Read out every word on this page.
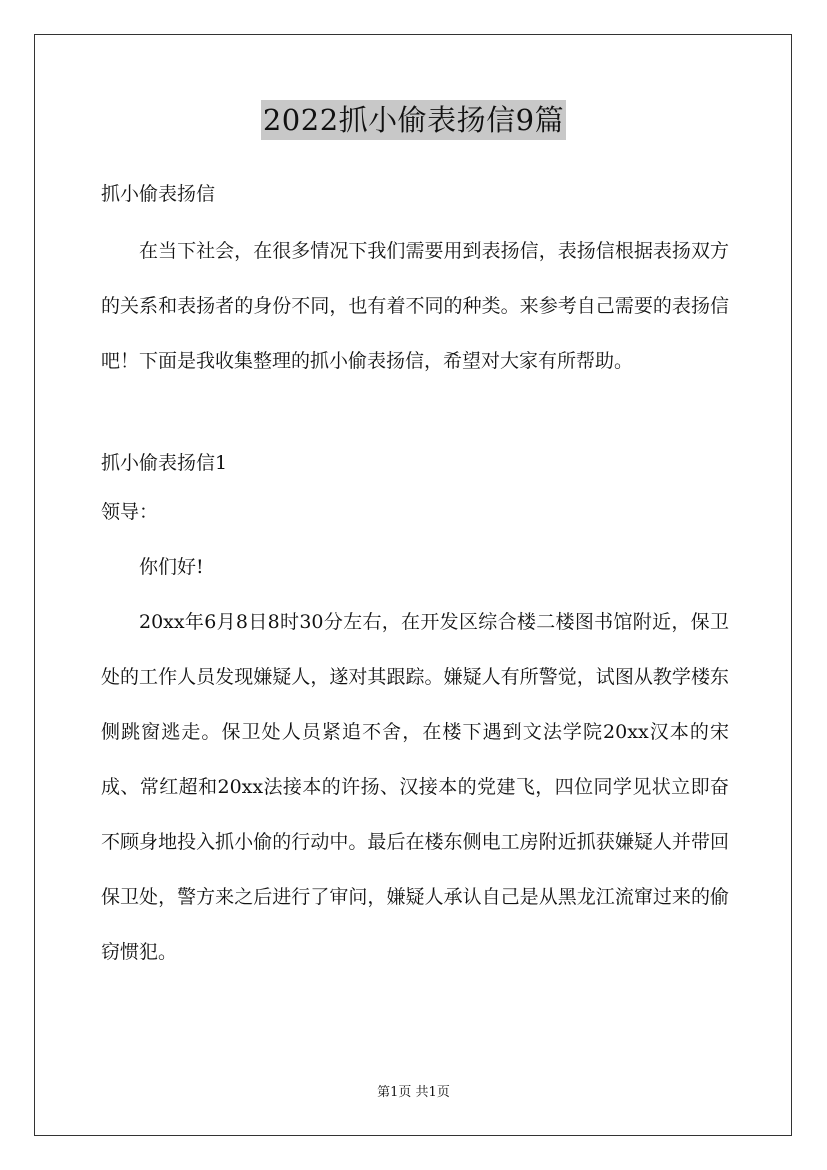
2022抓小偷表扬信9篇
抓小偷表扬信

在当下社会，在很多情况下我们需要用到表扬信，表扬信根据表扬双方的关系和表扬者的身份不同，也有着不同的种类。来参考自己需要的表扬信吧！下面是我收集整理的抓小偷表扬信，希望对大家有所帮助。

抓小偷表扬信1
领导：
你们好!

20xx年6月8日8时30分左右，在开发区综合楼二楼图书馆附近，保卫处的工作人员发现嫌疑人，遂对其跟踪。嫌疑人有所警觉，试图从教学楼东侧跳窗逃走。保卫处人员紧追不舍，在楼下遇到文法学院20xx汉本的宋成、常红超和20xx法接本的许扬、汉接本的党建飞，四位同学见状立即奋不顾身地投入抓小偷的行动中。最后在楼东侧电工房附近抓获嫌疑人并带回保卫处，警方来之后进行了审问，嫌疑人承认自己是从黑龙江流窜过来的偷窃惯犯。

第1页 共1页
